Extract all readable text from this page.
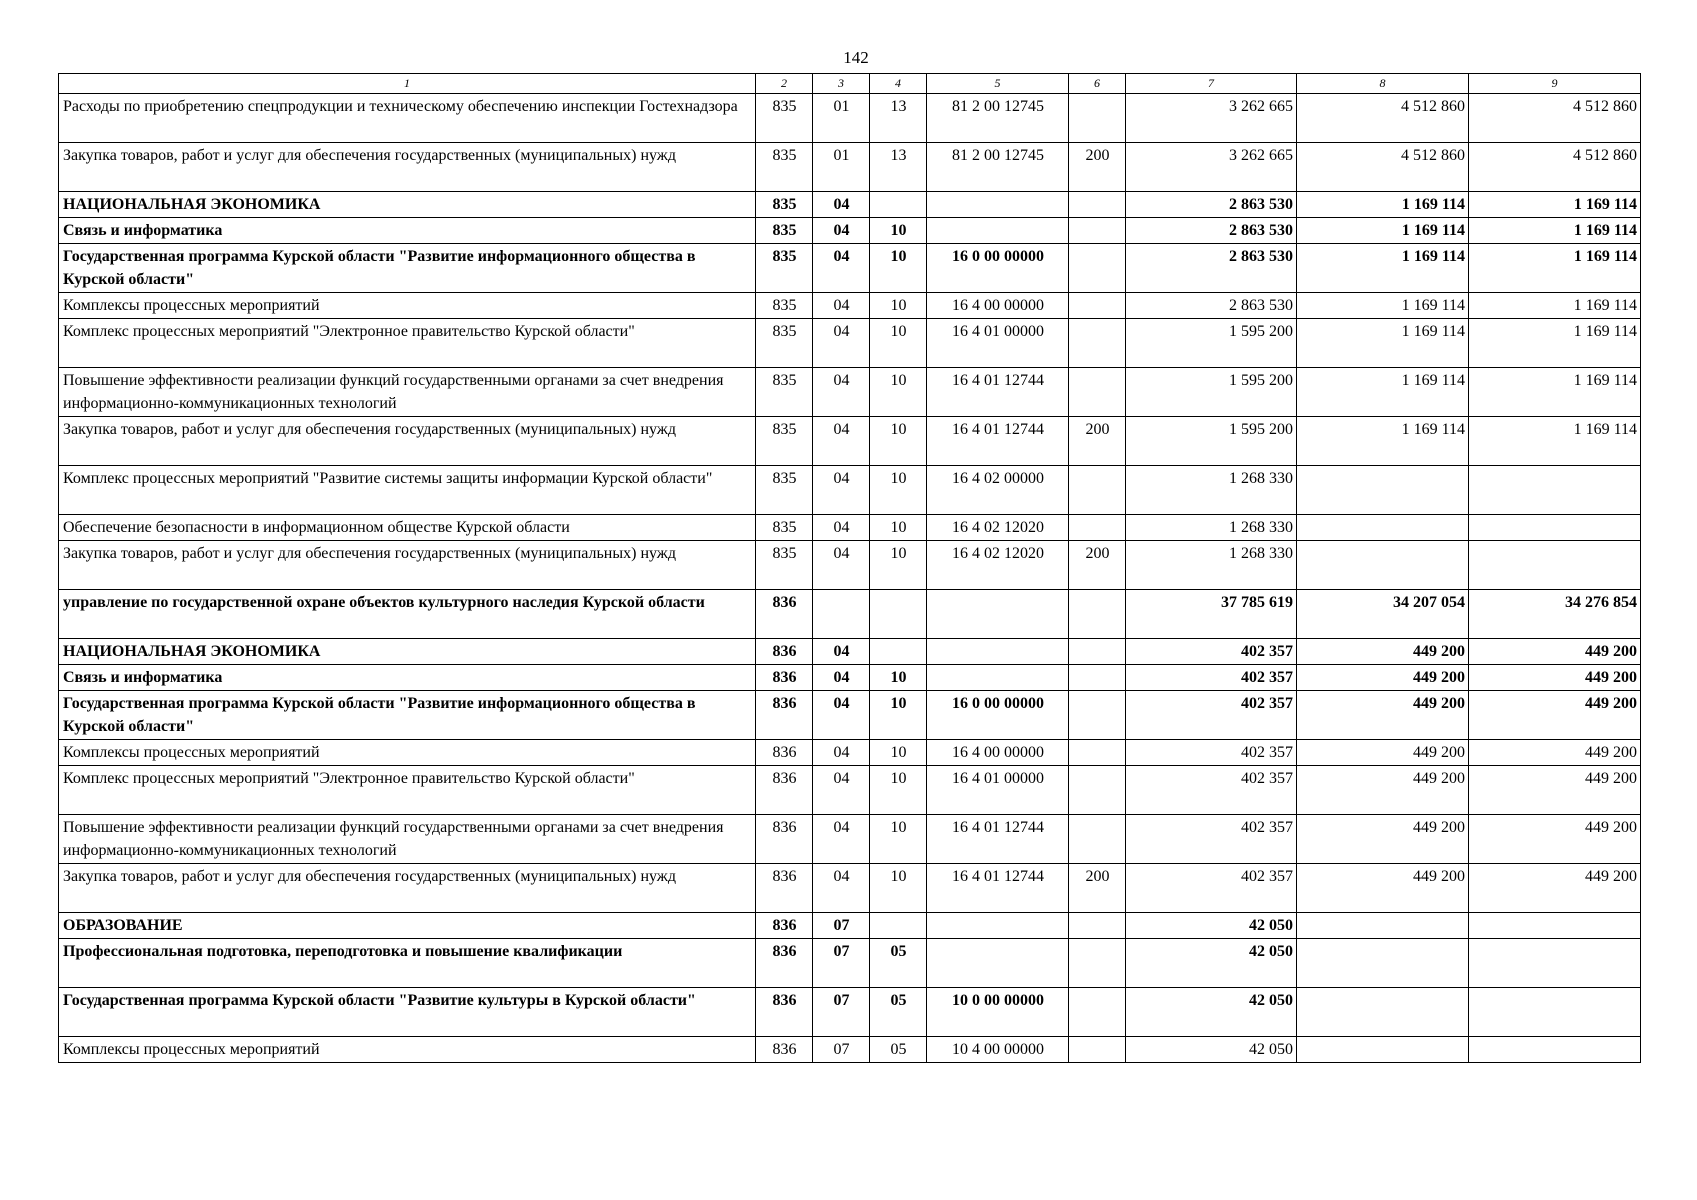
142
1	2	3	4	5	6	7	8	9
Расходы по приобретению спецпродукции и техническому обеспечению инспекции Гостехнадзора	835	01	13	81 2 00 12745		3 262 665	4 512 860	4 512 860
Закупка товаров, работ и услуг для обеспечения государственных (муниципальных) нужд	835	01	13	81 2 00 12745	200	3 262 665	4 512 860	4 512 860
НАЦИОНАЛЬНАЯ ЭКОНОМИКА	835	04				2 863 530	1 169 114	1 169 114
Связь и информатика	835	04	10			2 863 530	1 169 114	1 169 114
Государственная программа Курской области "Развитие информационного общества в Курской области"	835	04	10	16 0 00 00000		2 863 530	1 169 114	1 169 114
Комплексы процессных мероприятий	835	04	10	16 4 00 00000		2 863 530	1 169 114	1 169 114
Комплекс процессных мероприятий "Электронное правительство Курской области"	835	04	10	16 4 01 00000		1 595 200	1 169 114	1 169 114
Повышение эффективности реализации функций государственными органами за счет внедрения информационно-коммуникационных технологий	835	04	10	16 4 01 12744		1 595 200	1 169 114	1 169 114
Закупка товаров, работ и услуг для обеспечения государственных (муниципальных) нужд	835	04	10	16 4 01 12744	200	1 595 200	1 169 114	1 169 114
Комплекс процессных мероприятий "Развитие системы защиты информации Курской области"	835	04	10	16 4 02 00000		1 268 330		
Обеспечение безопасности в информационном обществе Курской области	835	04	10	16 4 02 12020		1 268 330		
Закупка товаров, работ и услуг для обеспечения государственных (муниципальных) нужд	835	04	10	16 4 02 12020	200	1 268 330		
управление по государственной охране объектов культурного наследия Курской области	836					37 785 619	34 207 054	34 276 854
НАЦИОНАЛЬНАЯ ЭКОНОМИКА	836	04				402 357	449 200	449 200
Связь и информатика	836	04	10			402 357	449 200	449 200
Государственная программа Курской области "Развитие информационного общества в Курской области"	836	04	10	16 0 00 00000		402 357	449 200	449 200
Комплексы процессных мероприятий	836	04	10	16 4 00 00000		402 357	449 200	449 200
Комплекс процессных мероприятий "Электронное правительство Курской области"	836	04	10	16 4 01 00000		402 357	449 200	449 200
Повышение эффективности реализации функций государственными органами за счет внедрения информационно-коммуникационных технологий	836	04	10	16 4 01 12744		402 357	449 200	449 200
Закупка товаров, работ и услуг для обеспечения государственных (муниципальных) нужд	836	04	10	16 4 01 12744	200	402 357	449 200	449 200
ОБРАЗОВАНИЕ	836	07				42 050		
Профессиональная подготовка, переподготовка и повышение квалификации	836	07	05			42 050		
Государственная программа Курской области "Развитие культуры в Курской области"	836	07	05	10 0 00 00000		42 050		
Комплексы процессных мероприятий	836	07	05	10 4 00 00000		42 050		
